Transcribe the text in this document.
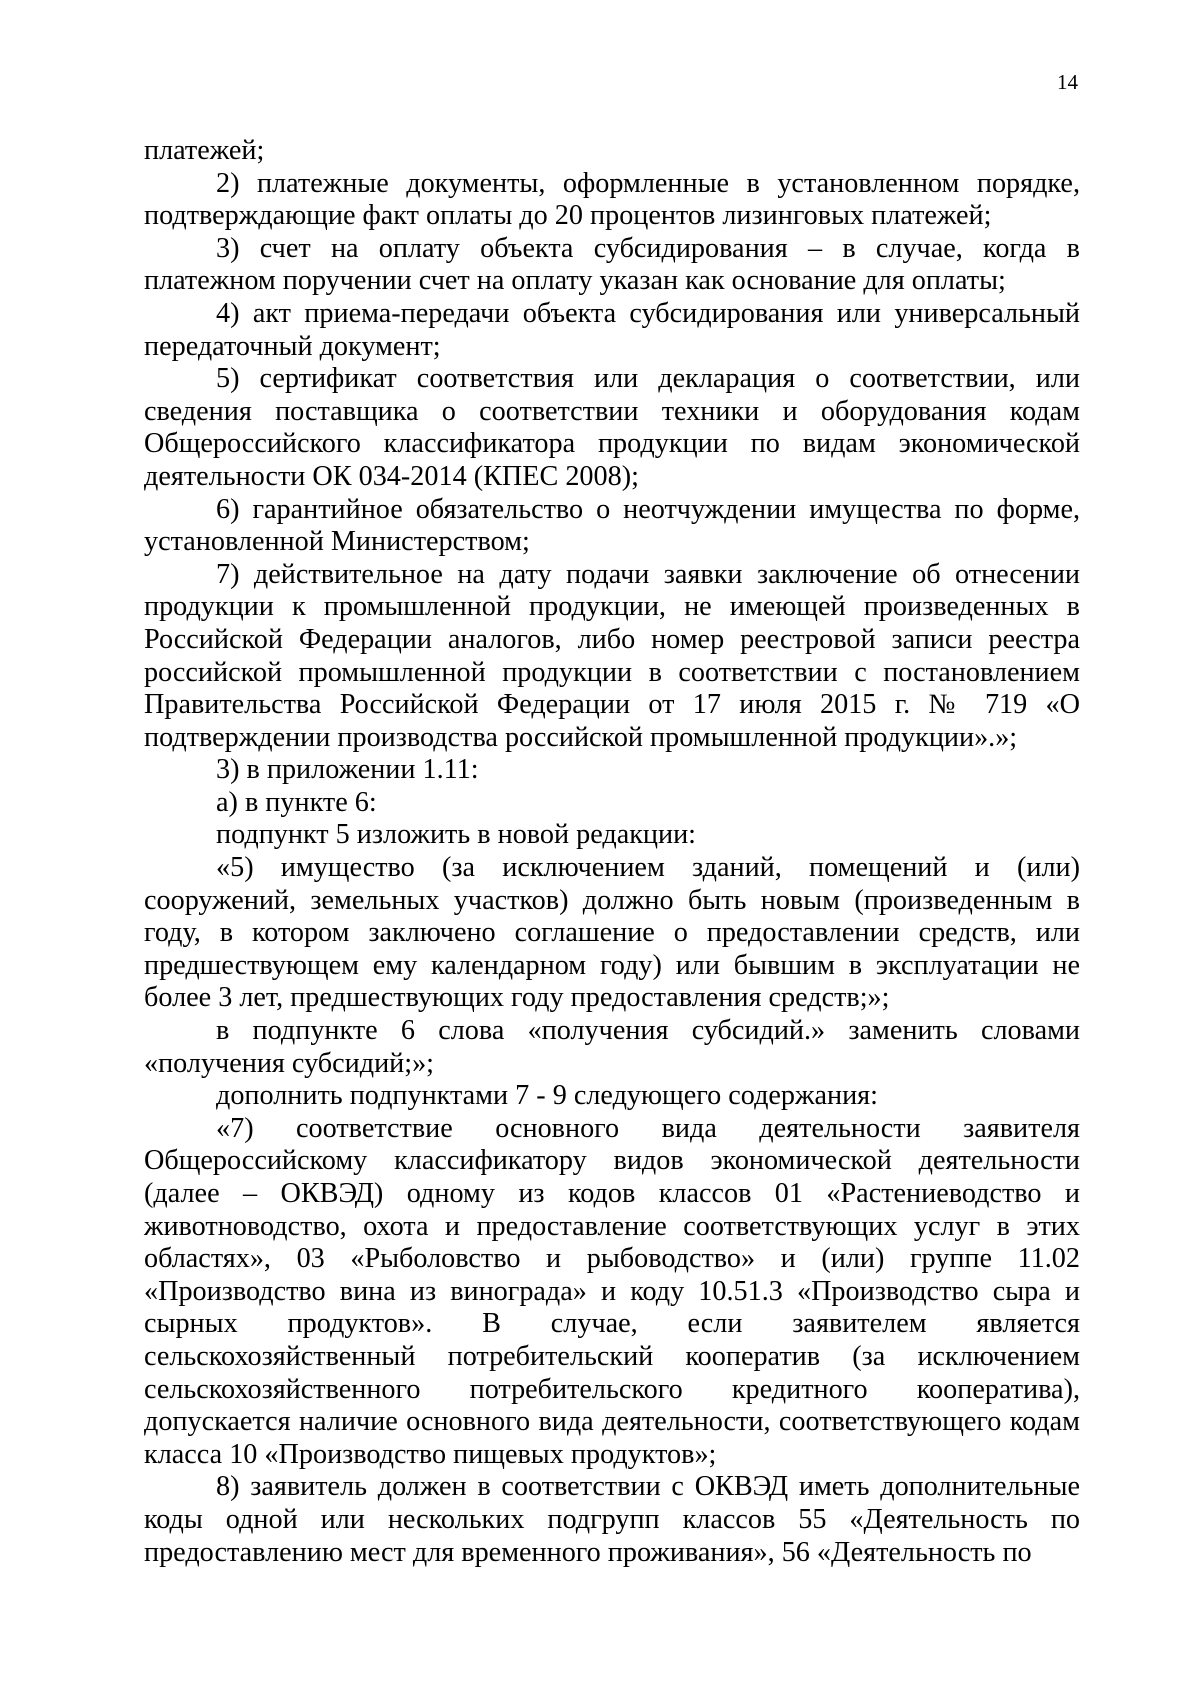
14

платежей;

2) платежные документы, оформленные в установленном порядке, подтверждающие факт оплаты до 20 процентов лизинговых платежей;

3) счет на оплату объекта субсидирования – в случае, когда в платежном поручении счет на оплату указан как основание для оплаты;

4) акт приема-передачи объекта субсидирования или универсальный передаточный документ;

5) сертификат соответствия или декларация о соответствии, или сведения поставщика о соответствии техники и оборудования кодам Общероссийского классификатора продукции по видам экономической деятельности ОК 034-2014 (КПЕС 2008);

6) гарантийное обязательство о неотчуждении имущества по форме, установленной Министерством;

7) действительное на дату подачи заявки заключение об отнесении продукции к промышленной продукции, не имеющей произведенных в Российской Федерации аналогов, либо номер реестровой записи реестра российской промышленной продукции в соответствии с постановлением Правительства Российской Федерации от 17 июля 2015 г. № 719 «О подтверждении производства российской промышленной продукции».»;

3) в приложении 1.11:

а) в пункте 6:

подпункт 5 изложить в новой редакции:

«5) имущество (за исключением зданий, помещений и (или) сооружений, земельных участков) должно быть новым (произведенным в году, в котором заключено соглашение о предоставлении средств, или предшествующем ему календарном году) или бывшим в эксплуатации не более 3 лет, предшествующих году предоставления средств;»;

в подпункте 6 слова «получения субсидий.» заменить словами «получения субсидий;»;

дополнить подпунктами 7 - 9 следующего содержания:

«7) соответствие основного вида деятельности заявителя Общероссийскому классификатору видов экономической деятельности (далее – ОКВЭД) одному из кодов классов 01 «Растениеводство и животноводство, охота и предоставление соответствующих услуг в этих областях», 03 «Рыболовство и рыбоводство» и (или) группе 11.02 «Производство вина из винограда» и коду 10.51.3 «Производство сыра и сырных продуктов». В случае, если заявителем является сельскохозяйственный потребительский кооператив (за исключением сельскохозяйственного потребительского кредитного кооператива), допускается наличие основного вида деятельности, соответствующего кодам класса 10 «Производство пищевых продуктов»;

8) заявитель должен в соответствии с ОКВЭД иметь дополнительные коды одной или нескольких подгрупп классов 55 «Деятельность по предоставлению мест для временного проживания», 56 «Деятельность по
